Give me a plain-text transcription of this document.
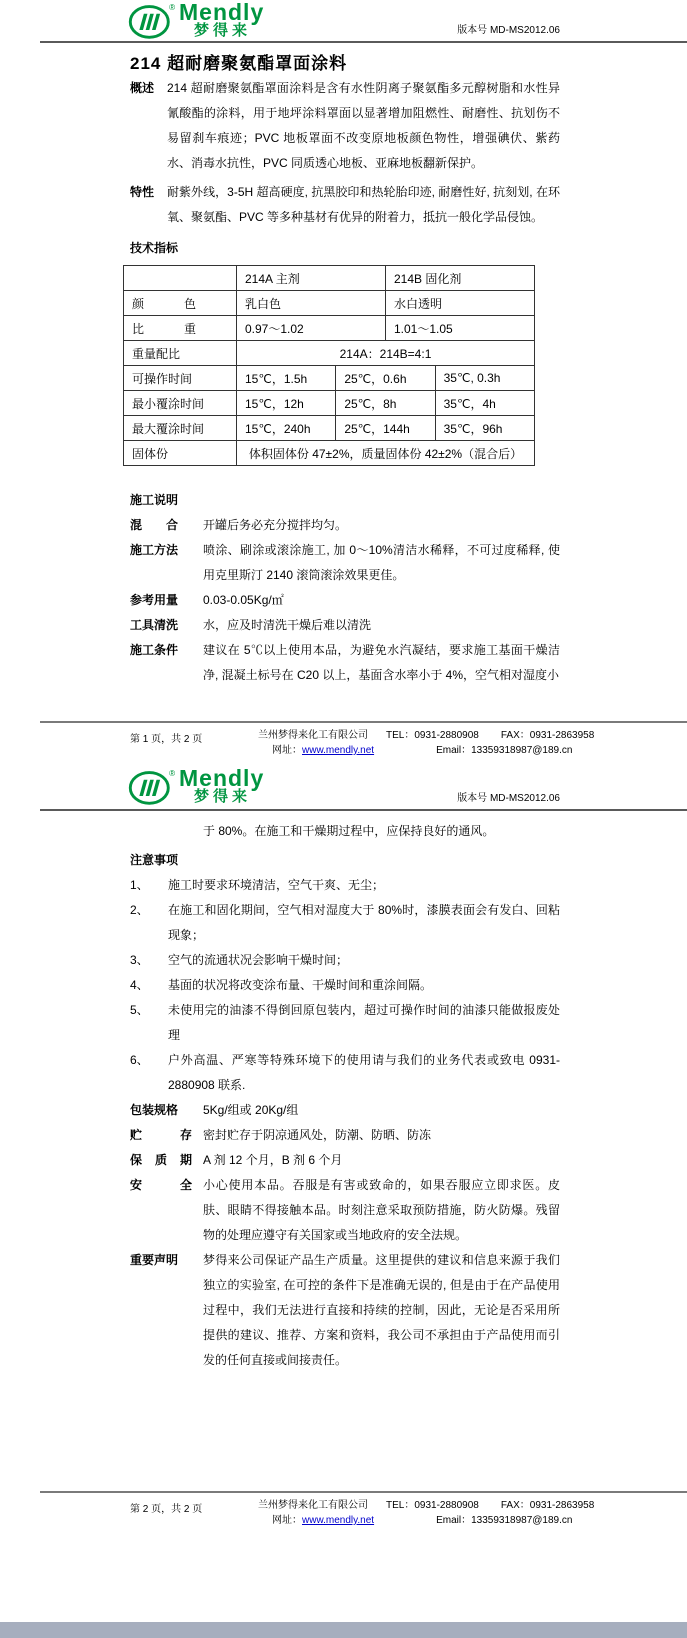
® Mendly
梦得来	版本号 MD-MS2012.06
214 超耐磨聚氨酯罩面涂料
概述	214 超耐磨聚氨酯罩面涂料是含有水性阴离子聚氨酯多元醇树脂和水性异氰酸酯的涂料，用于地坪涂料罩面以显著增加阻燃性、耐磨性、抗划伤不易留刹车痕迹；PVC 地板罩面不改变原地板颜色物性，增强碘伏、紫药水、消毒水抗性，PVC 同质透心地板、亚麻地板翻新保护。
特性	耐紫外线，3-5H 超高硬度, 抗黑胶印和热轮胎印迹, 耐磨性好, 抗刻划, 在环氧、聚氨酯、PVC 等多种基材有优异的附着力，抵抗一般化学品侵蚀。
技术指标
	214A 主剂		214B 固化剂	
颜色	乳白色		水白透明	
比重	0.97～1.02		1.01～1.05	
重量配比	214A：214B=4:1			
可操作时间	15℃，1.5h	25℃，0.6h		35℃, 0.3h
最小覆涂时间	15℃，12h	25℃，8h		35℃，4h
最大覆涂时间	15℃，240h	25℃，144h		35℃，96h
固体份	体积固体份 47±2%，质量固体份 42±2%（混合后）			
施工说明
混合	开罐后务必充分搅拌均匀。
施工方法	喷涂、刷涂或滚涂施工, 加 0～10%清洁水稀释，不可过度稀释, 使用克里斯汀 2140 滚筒滚涂效果更佳。
参考用量	0.03-0.05Kg/㎡
工具清洗	水，应及时清洗干燥后难以清洗
施工条件	建议在 5℃以上使用本品，为避免水汽凝结，要求施工基面干燥洁净, 混凝土标号在 C20 以上，基面含水率小于 4%，空气相对湿度小
第 1 页，共 2 页	兰州梦得来化工有限公司 TEL：0931-2880908 FAX：0931-2863958
网址：www.mendly.net	Email：13359318987@189.cn
® Mendly
梦得来	版本号 MD-MS2012.06
于 80%。在施工和干燥期过程中，应保持良好的通风。
注意事项
1、	施工时要求环境清洁，空气干爽、无尘；
2、	在施工和固化期间，空气相对湿度大于 80%时，漆膜表面会有发白、回粘现象；
3、	空气的流通状况会影响干燥时间；
4、	基面的状况将改变涂布量、干燥时间和重涂间隔。
5、	未使用完的油漆不得倒回原包装内，超过可操作时间的油漆只能做报废处理
6、	户外高温、严寒等特殊环境下的使用请与我们的业务代表或致电 0931-2880908 联系.
包装规格	5Kg/组或 20Kg/组
贮存 密封贮存于阴凉通风处，防潮、防晒、防冻
保质期 A 剂 12 个月，B 剂 6 个月
安全 小心使用本品。吞服是有害或致命的，如果吞服应立即求医。皮肤、眼睛不得接触本品。时刻注意采取预防措施，防火防爆。残留物的处理应遵守有关国家或当地政府的安全法规。
重要声明	梦得来公司保证产品生产质量。这里提供的建议和信息来源于我们独立的实验室, 在可控的条件下是准确无误的, 但是由于在产品使用过程中，我们无法进行直接和持续的控制，因此，无论是否采用所提供的建议、推荐、方案和资料，我公司不承担由于产品使用而引发的任何直接或间接责任。
第 2 页，共 2 页	兰州梦得来化工有限公司 TEL：0931-2880908 FAX：0931-2863958
网址：www.mendly.net	Email：13359318987@189.cn
